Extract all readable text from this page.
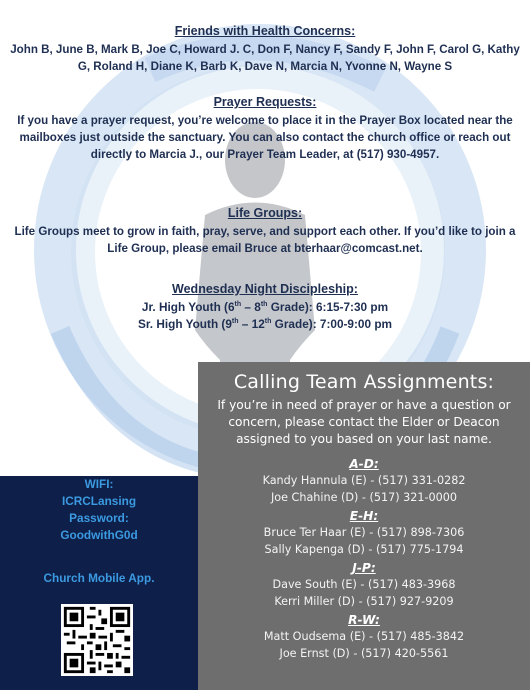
Friends with Health Concerns:
John B, June B, Mark B, Joe C, Howard J. C, Don F, Nancy F, Sandy F, John F, Carol G, Kathy G, Roland H, Diane K, Barb K, Dave N, Marcia N, Yvonne N, Wayne S
Prayer Requests:
If you have a prayer request, you’re welcome to place it in the Prayer Box located near the mailboxes just outside the sanctuary. You can also contact the church office or reach out directly to Marcia J., our Prayer Team Leader, at (517) 930-4957.
Life Groups:
Life Groups meet to grow in faith, pray, serve, and support each other. If you’d like to join a Life Group, please email Bruce at bterhaar@comcast.net.
Wednesday Night Discipleship:
Jr. High Youth (6th – 8th Grade): 6:15-7:30 pm
Sr. High Youth (9th – 12th Grade): 7:00-9:00 pm
Calling Team Assignments:
If you’re in need of prayer or have a question or concern, please contact the Elder or Deacon assigned to you based on your last name.
A-D:
Kandy Hannula (E) - (517) 331-0282
Joe Chahine (D) - (517) 321-0000
E-H:
Bruce Ter Haar (E) - (517) 898-7306
Sally Kapenga (D) - (517) 775-1794
J-P:
Dave South (E) - (517) 483-3968
Kerri Miller (D) - (517) 927-9209
R-W:
Matt Oudsema (E) - (517) 485-3842
Joe Ernst (D) - (517) 420-5561
WIFI:
ICRCLansing
Password:
GoodwithG0d
Church Mobile App.
